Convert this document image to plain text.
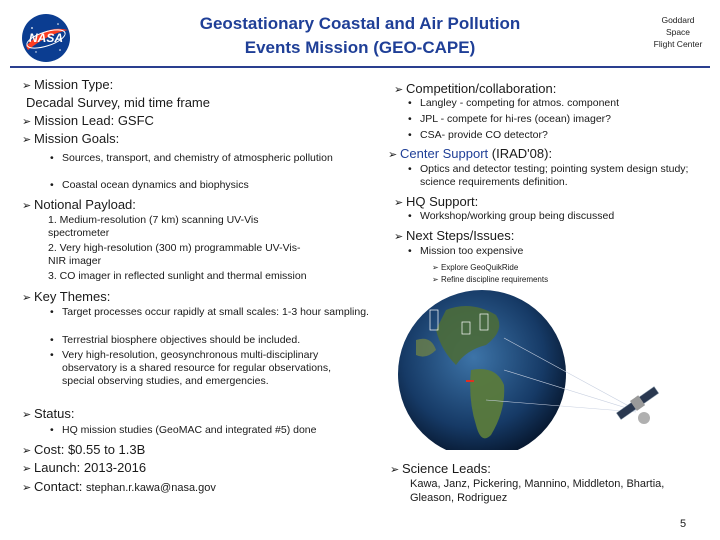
NASA
Geostationary Coastal and Air Pollution
Events Mission (GEO-CAPE)
Goddard
Space
Flight Center
➢ Mission Type:
Decadal Survey, mid time frame
➢ Mission Lead: GSFC
➢ Mission Goals:
• Sources, transport, and chemistry of atmospheric pollution
• Coastal ocean dynamics and biophysics
➢ Notional Payload:
1. Medium-resolution (7 km) scanning UV-Vis spectrometer
2. Very high-resolution (300 m) programmable UV-Vis-NIR imager
3. CO imager in reflected sunlight and thermal emission
➢ Key Themes:
• Target processes occur rapidly at small scales: 1-3 hour sampling.
• Terrestrial biosphere objectives should be included.
• Very high-resolution, geosynchronous multi-disciplinary observatory is a shared resource for regular observations, special observing studies, and emergencies.
➢ Status:
• HQ mission studies (GeoMAC and integrated #5) done
➢ Cost: $0.55 to 1.3B
➢ Launch: 2013-2016
➢ Contact: stephan.r.kawa@nasa.gov
➢ Competition/collaboration:
• Langley - competing for atmos. component
• JPL - compete for hi-res (ocean) imager?
• CSA- provide CO detector?
➢ Center Support (IRAD'08):
• Optics and detector testing; pointing system design study; science requirements definition.
➢ HQ Support:
• Workshop/working group being discussed
➢ Next Steps/Issues:
• Mission too expensive
➢ Explore GeoQuikRide
➢ Refine discipline requirements
➢ Science Leads:
Kawa, Janz, Pickering, Mannino, Middleton, Bhartia, Gleason, Rodriguez
5
